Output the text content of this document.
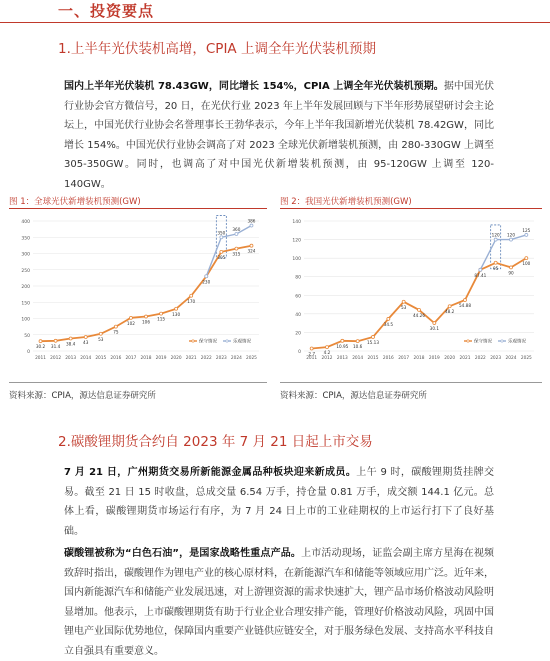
一、投资要点
1.上半年光伏装机高增，CPIA 上调全年光伏装机预期
国内上半年光伏装机 78.43GW，同比增长 154%，CPIA 上调全年光伏装机预期。据中国光伏行业协会官方微信号，20 日，在光伏行业 2023 年上半年发展回顾与下半年形势展望研讨会主论坛上，中国光伏行业协会名誉理事长王勃华表示，今年上半年我国新增光伏装机 78.42GW，同比增长 154%。中国光伏行业协会调高了对 2023 全球光伏新增装机预测，由 280-330GW 上调至 305-350GW。同时，也调高了对中国光伏新增装机预测，由 95-120GW 上调至 120-140GW。
图 1：全球光伏新增装机预测(GW)	图 2：我国光伏新增装机预测(GW)
0
50
100
150
200
250
300
350
400
2011 2012 2013 2014 2015 2016 2017 2018 2019 2020 2021 2022 2023 2024 2025
30.2 31.4 38.4 43
53
75
102 106
115
130
170
230
305
315
324
350
360
386
保守情况	乐观情况
0
20
40
60
80
100
120
140
2011 2012 2013 2014 2015 2016 2017 2018 2019 2020 2021 2022 2023 2024 2025
2.7 4.2
10.95 10.6
15.13
34.5
53
44.26
30.1
48.2
54.88
87.41
95
90
100
120 120
125
保守情况	乐观情况
资料来源：CPIA，源达信息证券研究所	资料来源：CPIA，源达信息证券研究所
2.碳酸锂期货合约自 2023 年 7 月 21 日起上市交易
7 月 21 日，广州期货交易所新能源金属品种板块迎来新成员。上午 9 时，碳酸锂期货挂牌交易。截至 21 日 15 时收盘，总成交量 6.54 万手，持仓量 0.81 万手，成交额 144.1 亿元。总体上看，碳酸锂期货市场运行有序，为 7 月 24 日上市的工业硅期权的上市运行打下了良好基础。
碳酸锂被称为“白色石油”，是国家战略性重点产品。上市活动现场，证监会副主席方星海在视频致辞时指出，碳酸锂作为锂电产业的核心原材料，在新能源汽车和储能等领域应用广泛。近年来，国内新能源汽车和储能产业发展迅速，对上游锂资源的需求快速扩大，锂产品市场价格波动风险明显增加。他表示，上市碳酸锂期货有助于行业企业合理安排产能，管理好价格波动风险，巩固中国锂电产业国际优势地位，保障国内重要产业链供应链安全，对于服务绿色发展、支持高水平科技自立自强具有重要意义。
